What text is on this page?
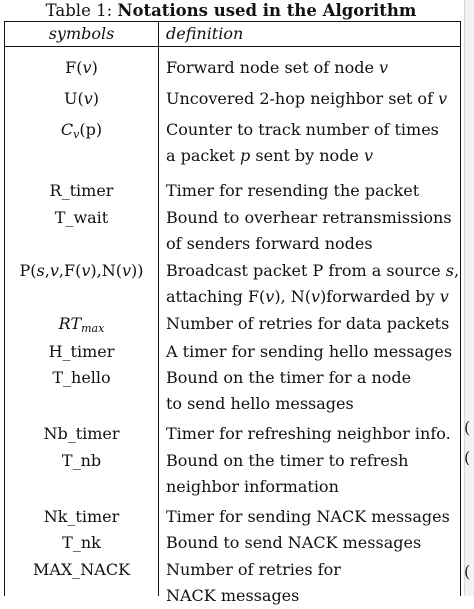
Table 1: Notations used in the Algorithm
symbols	definition
F(v)	Forward node set of node v
U(v)	Uncovered 2-hop neighbor set of v
$C_v(p)$	Counter to track number of times
a packet p sent by node v
R_timer	Timer for resending the packet
T_wait	Bound to overhear retransmissions
of senders forward nodes
P(s,v,F(v),N(v))	Broadcast packet P from a source s,
attaching F(v), N(v)forwarded by v
$RT_{max}$	Number of retries for data packets
H_timer	A timer for sending hello messages
T_hello	Bound on the timer for a node
to send hello messages
Nb_timer	Timer for refreshing neighbor info.
T_nb	Bound on the timer to refresh
neighbor information
Nk_timer	Timer for sending NACK messages
T_nk	Bound to send NACK messages
MAX_NACK	Number of retries for
NACK messages
(
(
(
